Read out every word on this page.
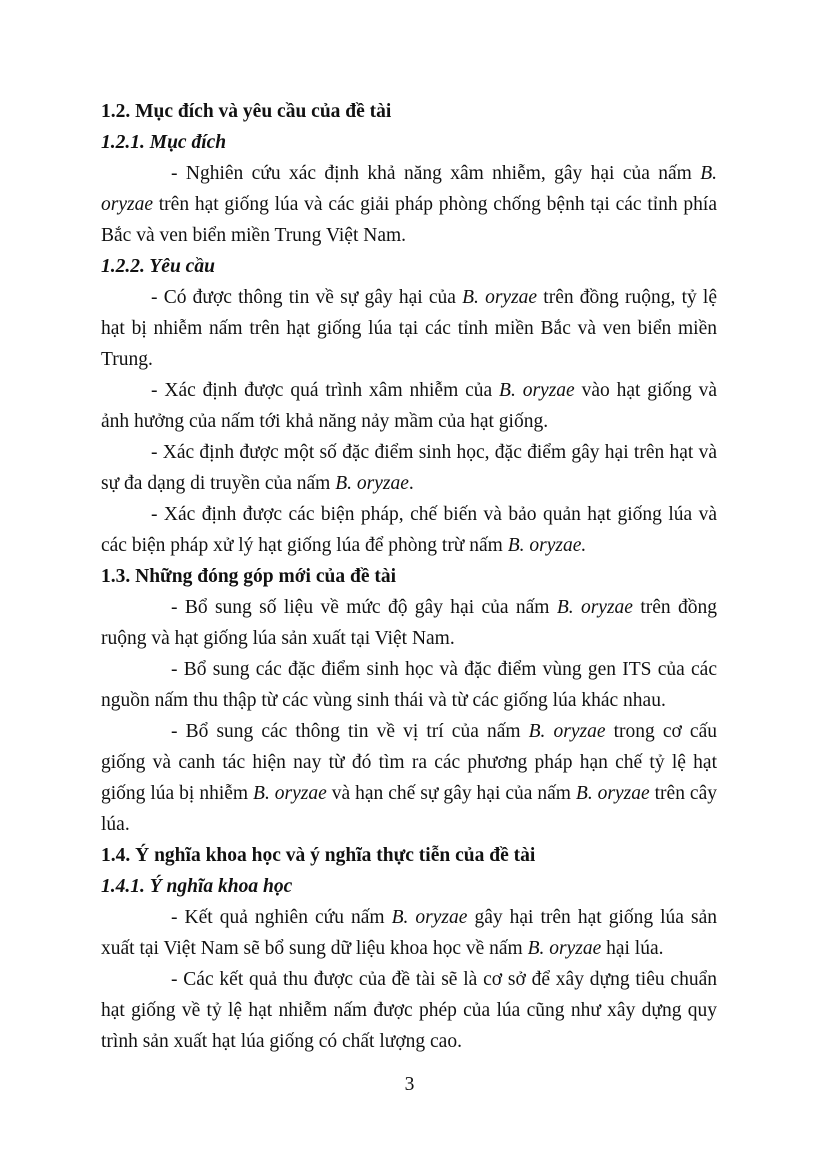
1.2. Mục đích và yêu cầu của đề tài

1.2.1. Mục đích

- Nghiên cứu xác định khả năng xâm nhiễm, gây hại của nấm B. oryzae trên hạt giống lúa và các giải pháp phòng chống bệnh tại các tỉnh phía Bắc và ven biển miền Trung Việt Nam.

1.2.2. Yêu cầu

- Có được thông tin về sự gây hại của B. oryzae trên đồng ruộng, tỷ lệ hạt bị nhiễm nấm trên hạt giống lúa tại các tỉnh miền Bắc và ven biển miền Trung.

- Xác định được quá trình xâm nhiễm của B. oryzae vào hạt giống và ảnh hưởng của nấm tới khả năng nảy mầm của hạt giống.

- Xác định được một số đặc điểm sinh học, đặc điểm gây hại trên hạt và sự đa dạng di truyền của nấm B. oryzae.

- Xác định được các biện pháp, chế biến và bảo quản hạt giống lúa và các biện pháp xử lý hạt giống lúa để phòng trừ nấm B. oryzae.

1.3. Những đóng góp mới của đề tài

- Bổ sung số liệu về mức độ gây hại của nấm B. oryzae trên đồng ruộng và hạt giống lúa sản xuất tại Việt Nam.

- Bổ sung các đặc điểm sinh học và đặc điểm vùng gen ITS của các nguồn nấm thu thập từ các vùng sinh thái và từ các giống lúa khác nhau.

- Bổ sung các thông tin về vị trí của nấm B. oryzae trong cơ cấu giống và canh tác hiện nay từ đó tìm ra các phương pháp hạn chế tỷ lệ hạt giống lúa bị nhiễm B. oryzae và hạn chế sự gây hại của nấm B. oryzae trên cây lúa.

1.4. Ý nghĩa khoa học và ý nghĩa thực tiễn của đề tài

1.4.1. Ý nghĩa khoa học

- Kết quả nghiên cứu nấm B. oryzae gây hại trên hạt giống lúa sản xuất tại Việt Nam sẽ bổ sung dữ liệu khoa học về nấm B. oryzae hại lúa.

- Các kết quả thu được của đề tài sẽ là cơ sở để xây dựng tiêu chuẩn hạt giống về tỷ lệ hạt nhiễm nấm được phép của lúa cũng như xây dựng quy trình sản xuất hạt lúa giống có chất lượng cao.

3
